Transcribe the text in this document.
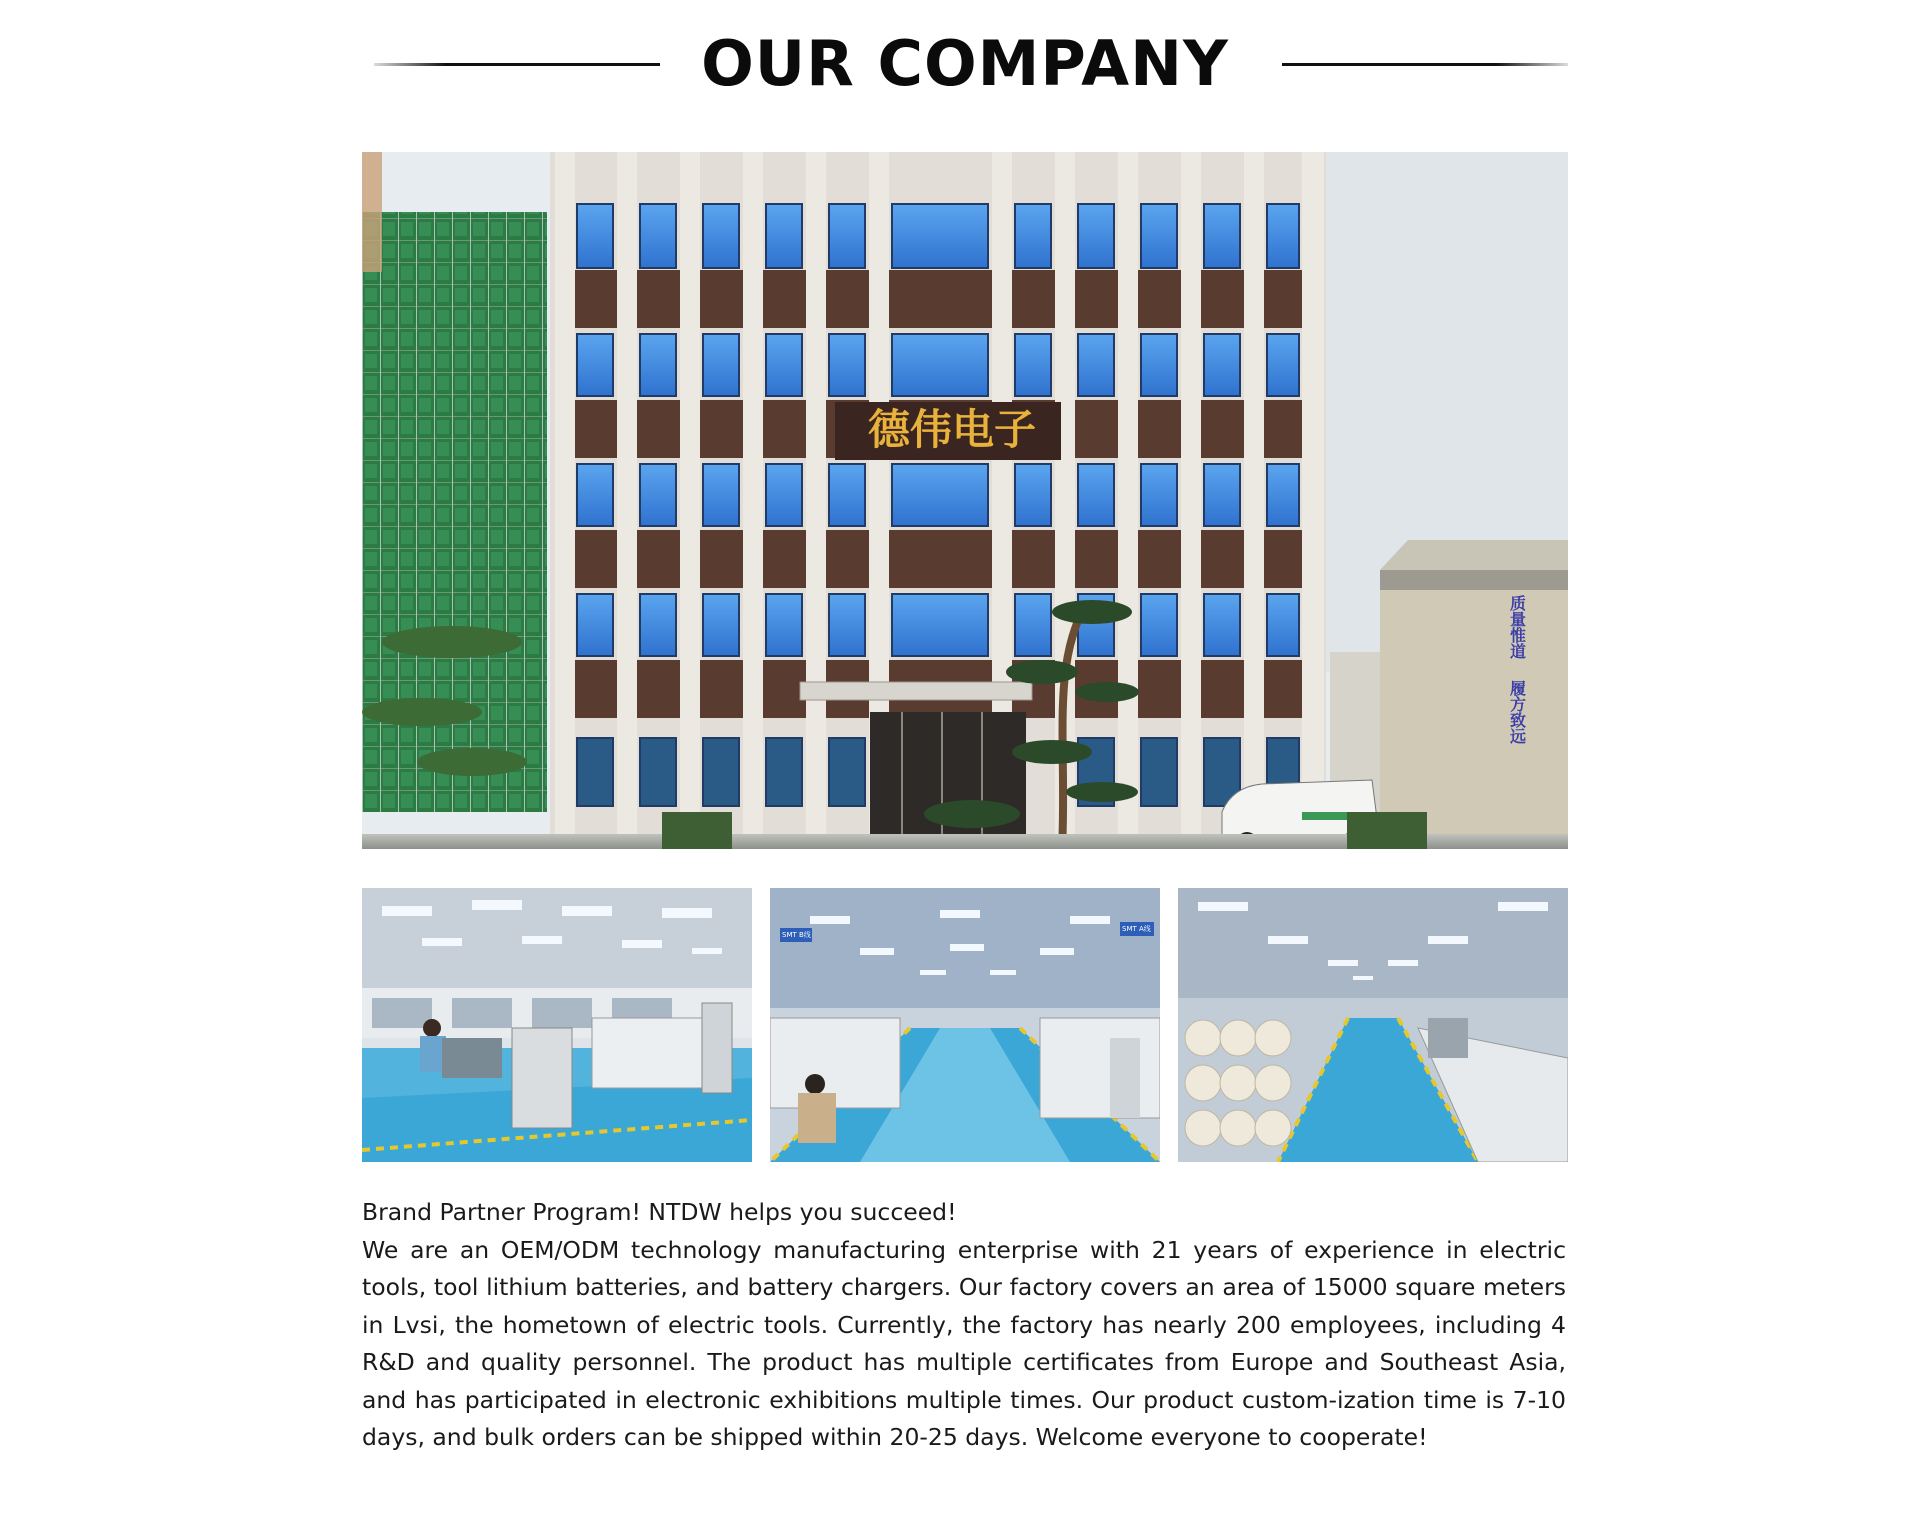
OUR COMPANY
德伟电子
质量惟道
履方致远
SMT B线
SMT A线
Brand Partner Program! NTDW helps you succeed!
We are an OEM/ODM technology manufacturing enterprise with 21 years of experience in electric tools, tool lithium batteries, and battery chargers. Our factory covers an area of 15000 square meters in Lvsi, the hometown of electric tools. Currently, the factory has nearly 200 employees, including 4 R&D and quality personnel. The product has multiple certificates from Europe and Southeast Asia, and has participated in electronic exhibitions multiple times. Our product custom-ization time is 7-10 days, and bulk orders can be shipped within 20-25 days. Welcome everyone to cooperate!
